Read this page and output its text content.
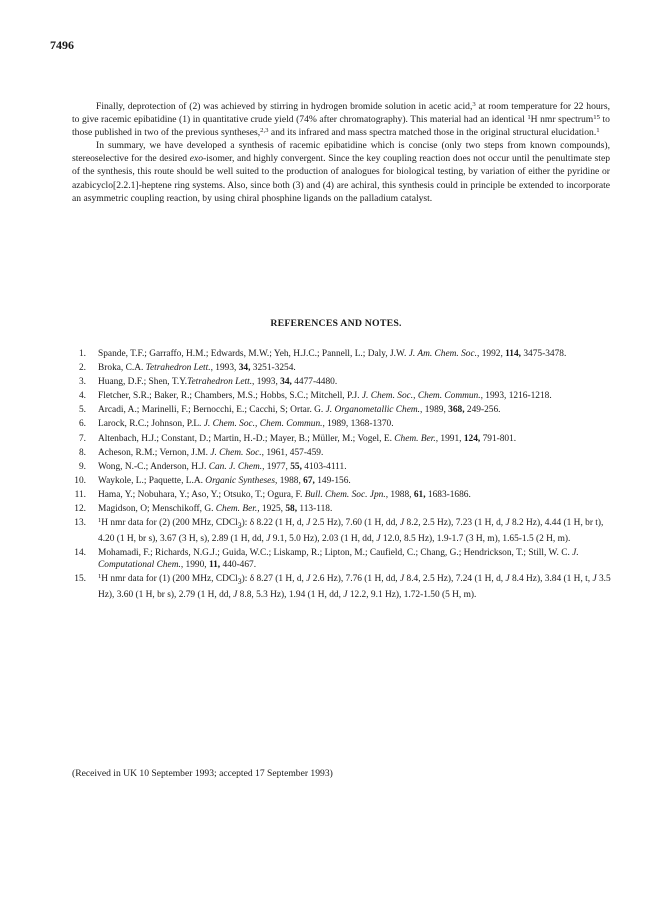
7496

Finally, deprotection of (2) was achieved by stirring in hydrogen bromide solution in acetic acid,$^3$ at room temperature for 22 hours, to give racemic epibatidine (1) in quantitative crude yield (74% after chromatography). This material had an identical $^1$H nmr spectrum$^{15}$ to those published in two of the previous syntheses,$^{2,3}$ and its infrared and mass spectra matched those in the original structural elucidation.$^1$

In summary, we have developed a synthesis of racemic epibatidine which is concise (only two steps from known compounds), stereoselective for the desired exo-isomer, and highly convergent. Since the key coupling reaction does not occur until the penultimate step of the synthesis, this route should be well suited to the production of analogues for biological testing, by variation of either the pyridine or azabicyclo[2.2.1]-heptene ring systems. Also, since both (3) and (4) are achiral, this synthesis could in principle be extended to incorporate an asymmetric coupling reaction, by using chiral phosphine ligands on the palladium catalyst.

REFERENCES AND NOTES.
1. Spande, T.F.; Garraffo, H.M.; Edwards, M.W.; Yeh, H.J.C.; Pannell, L.; Daly, J.W. J. Am. Chem. Soc., 1992, 114, 3475-3478.
2. Broka, C.A. Tetrahedron Lett., 1993, 34, 3251-3254.
3. Huang, D.F.; Shen, T.Y.Tetrahedron Lett., 1993, 34, 4477-4480.
4. Fletcher, S.R.; Baker, R.; Chambers, M.S.; Hobbs, S.C.; Mitchell, P.J. J. Chem. Soc., Chem. Commun., 1993, 1216-1218.
5. Arcadi, A.; Marinelli, F.; Bernocchi, E.; Cacchi, S; Ortar. G. J. Organometallic Chem., 1989, 368, 249-256.
6. Larock, R.C.; Johnson, P.L. J. Chem. Soc., Chem. Commun., 1989, 1368-1370.
7. Altenbach, H.J.; Constant, D.; Martin, H.-D.; Mayer, B.; Müller, M.; Vogel, E. Chem. Ber., 1991, 124, 791-801.
8. Acheson, R.M.; Vernon, J.M. J. Chem. Soc., 1961, 457-459.
9. Wong, N.-C.; Anderson, H.J. Can. J. Chem., 1977, 55, 4103-4111.
10. Waykole, L.; Paquette, L.A. Organic Syntheses, 1988, 67, 149-156.
11. Hama, Y.; Nobuhara, Y.; Aso, Y.; Otsuko, T.; Ogura, F. Bull. Chem. Soc. Jpn., 1988, 61, 1683-1686.
12. Magidson, O; Menschikoff, G. Chem. Ber., 1925, 58, 113-118.
13. $^1$H nmr data for (2) (200 MHz, CDCl$_3$): δ 8.22 (1 H, d, J 2.5 Hz), 7.60 (1 H, dd, J 8.2, 2.5 Hz), 7.23 (1 H, d, J 8.2 Hz), 4.44 (1 H, br t), 4.20 (1 H, br s), 3.67 (3 H, s), 2.89 (1 H, dd, J 9.1, 5.0 Hz), 2.03 (1 H, dd, J 12.0, 8.5 Hz), 1.9-1.7 (3 H, m), 1.65-1.5 (2 H, m).
14. Mohamadi, F.; Richards, N.G.J.; Guida, W.C.; Liskamp, R.; Lipton, M.; Caufield, C.; Chang, G.; Hendrickson, T.; Still, W. C. J. Computational Chem., 1990, 11, 440-467.
15. $^1$H nmr data for (1) (200 MHz, CDCl$_3$): δ 8.27 (1 H, d, J 2.6 Hz), 7.76 (1 H, dd, J 8.4, 2.5 Hz), 7.24 (1 H, d, J 8.4 Hz), 3.84 (1 H, t, J 3.5 Hz), 3.60 (1 H, br s), 2.79 (1 H, dd, J 8.8, 5.3 Hz), 1.94 (1 H, dd, J 12.2, 9.1 Hz), 1.72-1.50 (5 H, m).
(Received in UK 10 September 1993; accepted 17 September 1993)
